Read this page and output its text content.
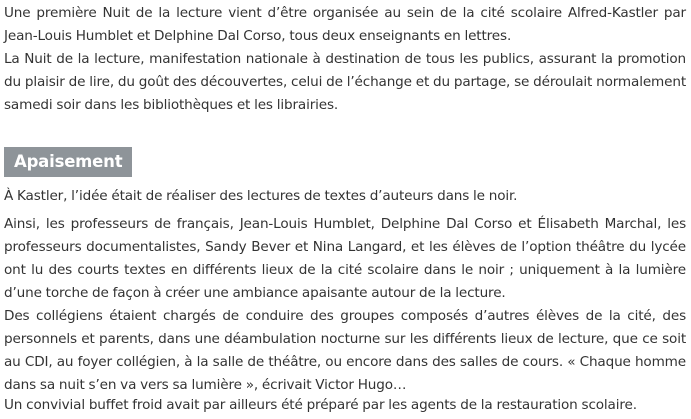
Une première Nuit de la lecture vient d’être organisée au sein de la cité scolaire Alfred-Kastler par Jean-Louis Humblet et Delphine Dal Corso, tous deux enseignants en lettres.

La Nuit de la lecture, manifestation nationale à destination de tous les publics, assurant la promotion du plaisir de lire, du goût des découvertes, celui de l’échange et du partage, se déroulait normalement samedi soir dans les bibliothèques et les librairies.

À Kastler, l’idée était de réaliser des lectures de textes d’auteurs dans le noir.

Ainsi, les professeurs de français, Jean-Louis Humblet, Delphine Dal Corso et Élisabeth Marchal, les professeurs documentalistes, Sandy Bever et Nina Langard, et les élèves de l’option théâtre du lycée ont lu des courts textes en différents lieux de la cité scolaire dans le noir ; uniquement à la lumière d’une torche de façon à créer une ambiance apaisante autour de la lecture.

Des collégiens étaient chargés de conduire des groupes composés d’autres élèves de la cité, des personnels et parents, dans une déambulation nocturne sur les différents lieux de lecture, que ce soit au CDI, au foyer collégien, à la salle de théâtre, ou encore dans des salles de cours. « Chaque homme dans sa nuit s’en va vers sa lumière », écrivait Victor Hugo…

Un convivial buffet froid avait par ailleurs été préparé par les agents de la restauration scolaire.

Apaisement
